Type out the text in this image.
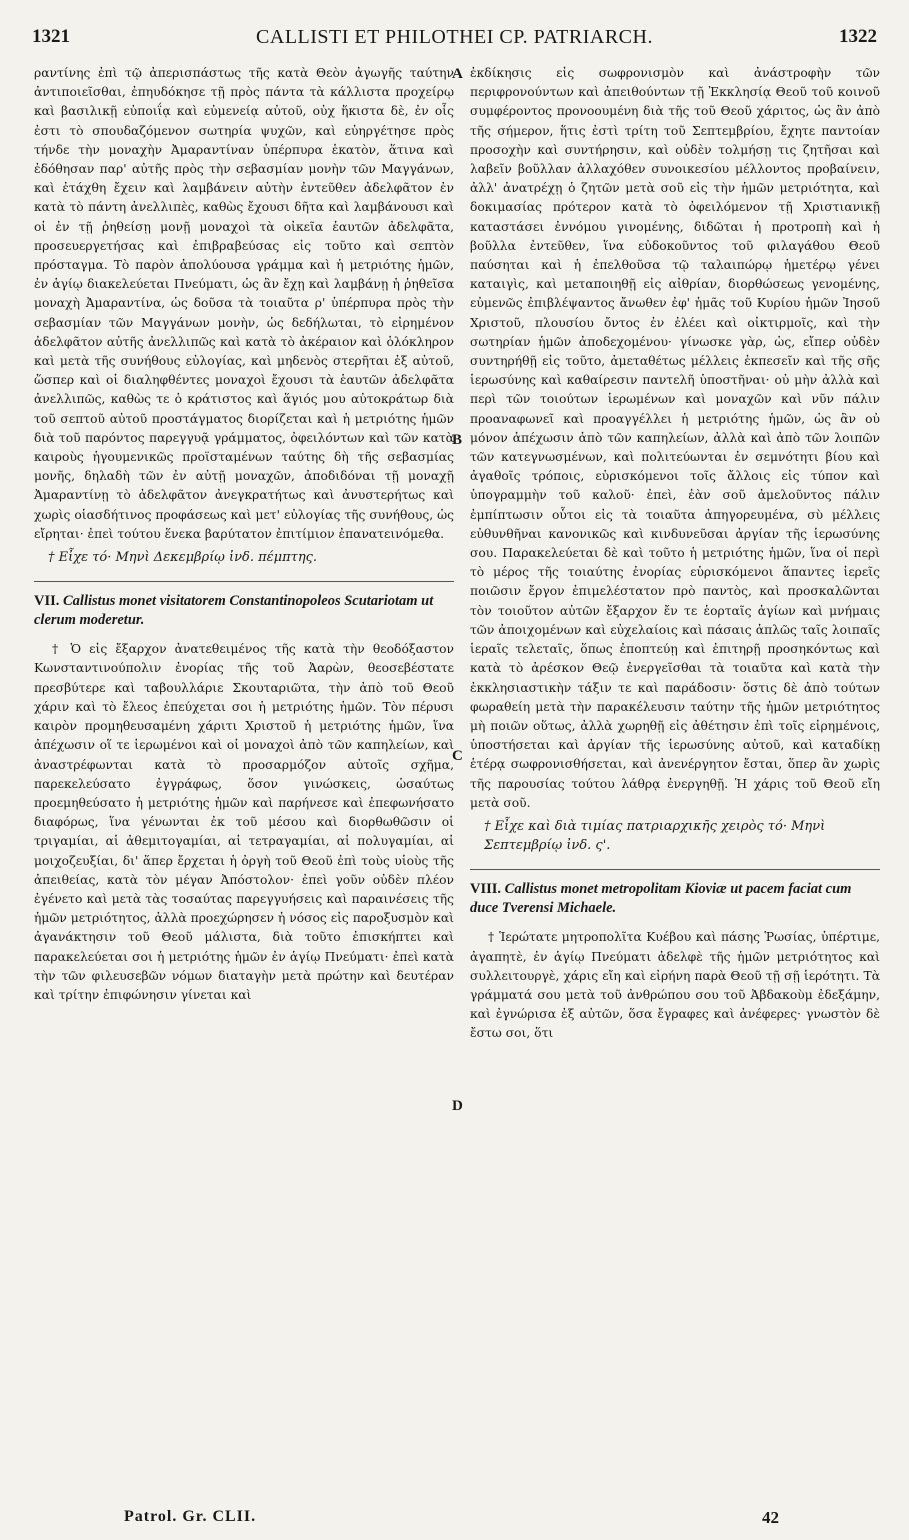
1321	CALLISTI ET PHILOTHEI CP. PATRIARCH.	1322

ραντίνης ἐπὶ τῷ ἀπερισπάστως τῆς κατὰ Θεὸν ἀγωγῆς ταύτην ἀντιποιεῖσθαι, ἐπηυδόκησε τῇ πρὸς πάντα τὰ κάλλιστα προχείρῳ καὶ βασιλικῇ εὐποιΐᾳ καὶ εὐμενείᾳ αὐτοῦ, οὐχ ἥκιστα δὲ, ἐν οἷς ἐστι τὸ σπουδαζόμενον σωτηρία ψυχῶν, καὶ εὐηργέτησε πρὸς τήνδε τὴν μοναχὴν Ἀμαραντίναν ὑπέρπυρα ἑκατὸν, ἅτινα καὶ ἐδόθησαν παρ' αὐτῆς πρὸς τὴν σεβασμίαν μονὴν τῶν Μαγγάνων, καὶ ἐτάχθη ἔχειν καὶ λαμβάνειν αὐτὴν ἐντεῦθεν ἀδελφᾶτον ἐν κατὰ τὸ πάντη ἀνελλιπὲς, καθὼς ἔχουσι δῆτα καὶ λαμβάνουσι καὶ οἱ ἐν τῇ ῥηθείσῃ μονῇ μοναχοὶ τὰ οἰκεῖα ἑαυτῶν ἀδελφᾶτα, προσευεργετήσας καὶ ἐπιβραβεύσας εἰς τοῦτο καὶ σεπτὸν πρόσταγμα. Τὸ παρὸν ἀπολύουσα γράμμα καὶ ἡ μετριότης ἡμῶν, ἐν ἁγίῳ διακελεύεται Πνεύματι, ὡς ἂν ἔχῃ καὶ λαμβάνῃ ἡ ῥηθεῖσα μοναχὴ Ἀμαραντίνα, ὡς δοῦσα τὰ τοιαῦτα ρ' ὑπέρπυρα πρὸς τὴν σεβασμίαν τῶν Μαγγάνων μονὴν, ὡς δεδήλωται, τὸ εἰρημένον ἀδελφᾶτον αὐτῆς ἀνελλιπῶς καὶ κατὰ τὸ ἀκέραιον καὶ ὁλόκληρον καὶ μετὰ τῆς συνήθους εὐλογίας, καὶ μηδενὸς στερῆται ἐξ αὐτοῦ, ὥσπερ καὶ οἱ διαληφθέντες μοναχοὶ ἔχουσι τὰ ἑαυτῶν ἀδελφᾶτα ἀνελλιπῶς, καθὼς τε ὁ κράτιστος καὶ ἅγιός μου αὐτοκράτωρ διὰ τοῦ σεπτοῦ αὐτοῦ προστάγματος διορίζεται καὶ ἡ μετριότης ἡμῶν διὰ τοῦ παρόντος παρεγγυᾷ γράμματος, ὀφειλόντων καὶ τῶν κατὰ καιροὺς ἡγουμενικῶς προϊσταμένων ταύτης δὴ τῆς σεβασμίας μονῆς, δηλαδὴ τῶν ἐν αὐτῇ μοναχῶν, ἀποδιδόναι τῇ μοναχῇ Ἀμαραντίνῃ τὸ ἀδελφᾶτον ἀνεγκρατήτως καὶ ἀνυστερήτως καὶ χωρὶς οἱασδήτινος προφάσεως καὶ μετ' εὐλογίας τῆς συνήθους, ὡς εἴρηται· ἐπεὶ τούτου ἕνεκα βαρύτατον ἐπιτίμιον ἐπανατεινόμεθα.

† Εἶχε τό· Μηνὶ Δεκεμβρίῳ ἰνδ. πέμπτης.

VII. Callistus monet visitatorem Constantinopoleos Scutariotam ut clerum moderetur.

† Ὁ εἰς ἔξαρχον ἀνατεθειμένος τῆς κατὰ τὴν θεοδόξαστον Κωνσταντινούπολιν ἐνορίας τῆς τοῦ Ἀαρὼν, θεοσεβέστατε πρεσβύτερε καὶ ταβουλλάριε Σκουταριῶτα, τὴν ἀπὸ τοῦ Θεοῦ χάριν καὶ τὸ ἔλεος ἐπεύχεται σοι ἡ μετριότης ἡμῶν. Τὸν πέρυσι καιρὸν προμηθευσαμένη χάριτι Χριστοῦ ἡ μετριότης ἡμῶν, ἵνα ἀπέχωσιν οἵ τε ἱερωμένοι καὶ οἱ μοναχοὶ ἀπὸ τῶν καπηλείων, καὶ ἀναστρέφωνται κατὰ τὸ προσαρμόζον αὐτοῖς σχῆμα, παρεκελεύσατο ἐγγράφως, ὅσον γινώσκεις, ὡσαύτως προεμηθεύσατο ἡ μετριότης ἡμῶν καὶ παρήνεσε καὶ ἐπεφωνήσατο διαφόρως, ἵνα γένωνται ἐκ τοῦ μέσου καὶ διορθωθῶσιν οἱ τριγαμίαι, αἱ ἀθεμιτογαμίαι, αἱ τετραγαμίαι, αἱ πολυγαμίαι, αἱ μοιχοζευξίαι, δι' ἅπερ ἔρχεται ἡ ὀργὴ τοῦ Θεοῦ ἐπὶ τοὺς υἱοὺς τῆς ἀπειθείας, κατὰ τὸν μέγαν Ἀπόστολον· ἐπεὶ γοῦν οὐδὲν πλέον ἐγένετο καὶ μετὰ τὰς τοσαύτας παρεγγυήσεις καὶ παραινέσεις τῆς ἡμῶν μετριότητος, ἀλλὰ προεχώρησεν ἡ νόσος εἰς παροξυσμὸν καὶ ἀγανάκτησιν τοῦ Θεοῦ μάλιστα, διὰ τοῦτο ἐπισκήπτει καὶ παρακελεύεται σοι ἡ μετριότης ἡμῶν ἐν ἁγίῳ Πνεύματι· ἐπεὶ κατὰ τὴν τῶν φιλευσεβῶν νόμων διαταγὴν μετὰ πρώτην καὶ δευτέραν καὶ τρίτην ἐπιφώνησιν γίνεται καὶ

ἐκδίκησις εἰς σωφρονισμὸν καὶ ἀνάστροφὴν τῶν περιφρονούντων καὶ ἀπειθούντων τῇ Ἐκκλησίᾳ Θεοῦ τοῦ κοινοῦ συμφέροντος προνοουμένη διὰ τῆς τοῦ Θεοῦ χάριτος, ὡς ἂν ἀπὸ τῆς σήμερον, ἥτις ἐστὶ τρίτη τοῦ Σεπτεμβρίου, ἔχητε παντοίαν προσοχὴν καὶ συντήρησιν, καὶ οὐδὲν τολμήσῃ τις ζητῆσαι καὶ λαβεῖν βοῦλλαν ἀλλαχόθεν συνοικεσίου μέλλοντος προβαίνειν, ἀλλ' ἀνατρέχῃ ὁ ζητῶν μετὰ σοῦ εἰς τὴν ἡμῶν μετριότητα, καὶ δοκιμασίας πρότερον κατὰ τὸ ὀφειλόμενον τῇ Χριστιανικῇ καταστάσει ἐννόμου γινομένης, διδῶται ἡ προτροπὴ καὶ ἡ βοῦλλα ἐντεῦθεν, ἵνα εὐδοκοῦντος τοῦ φιλαγάθου Θεοῦ παύσηται καὶ ἡ ἐπελθοῦσα τῷ ταλαιπώρῳ ἡμετέρῳ γένει καταιγὶς, καὶ μεταποιηθῇ εἰς αἰθρίαν, διορθώσεως γενομένης, εὐμενῶς ἐπιβλέψαντος ἄνωθεν ἐφ' ἡμᾶς τοῦ Κυρίου ἡμῶν Ἰησοῦ Χριστοῦ, πλουσίου ὄντος ἐν ἐλέει καὶ οἰκτιρμοῖς, καὶ τὴν σωτηρίαν ἡμῶν ἀποδεχομένου· γίνωσκε γὰρ, ὡς, εἴπερ οὐδὲν συντηρήθῇ εἰς τοῦτο, ἀμεταθέτως μέλλεις ἐκπεσεῖν καὶ τῆς σῆς ἱερωσύνης καὶ καθαίρεσιν παντελῆ ὑποστῆναι· οὐ μὴν ἀλλὰ καὶ περὶ τῶν τοιούτων ἱερωμένων καὶ μοναχῶν καὶ νῦν πάλιν προαναφωνεῖ καὶ προαγγέλλει ἡ μετριότης ἡμῶν, ὡς ἂν οὐ μόνον ἀπέχωσιν ἀπὸ τῶν καπηλείων, ἀλλὰ καὶ ἀπὸ τῶν λοιπῶν τῶν κατεγνωσμένων, καὶ πολιτεύωνται ἐν σεμνότητι βίου καὶ ἀγαθοῖς τρόποις, εὑρισκόμενοι τοῖς ἄλλοις εἰς τύπον καὶ ὑπογραμμὴν τοῦ καλοῦ· ἐπεὶ, ἐὰν σοῦ ἀμελοῦντος πάλιν ἐμπίπτωσιν οὗτοι εἰς τὰ τοιαῦτα ἀπηγορευμένα, σὺ μέλλεις εὐθυνθῆναι κανονικῶς καὶ κινδυνεῦσαι ἀργίαν τῆς ἱερωσύνης σου. Παρακελεύεται δὲ καὶ τοῦτο ἡ μετριότης ἡμῶν, ἵνα οἱ περὶ τὸ μέρος τῆς τοιαύτης ἐνορίας εὑρισκόμενοι ἅπαντες ἱερεῖς ποιῶσιν ἔργον ἐπιμελέστατον πρὸ παντὸς, καὶ προσκαλῶνται τὸν τοιοῦτον αὐτῶν ἔξαρχον ἔν τε ἑορταῖς ἁγίων καὶ μνήμαις τῶν ἀποιχομένων καὶ εὐχελαίοις καὶ πάσαις ἁπλῶς ταῖς λοιπαῖς ἱεραῖς τελεταῖς, ὅπως ἐποπτεύῃ καὶ ἐπιτηρῇ προσηκόντως καὶ κατὰ τὸ ἀρέσκον Θεῷ ἐνεργεῖσθαι τὰ τοιαῦτα καὶ κατὰ τὴν ἐκκλησιαστικὴν τάξιν τε καὶ παράδοσιν· ὅστις δὲ ἀπὸ τούτων φωραθείη μετὰ τὴν παρακέλευσιν ταύτην τῆς ἡμῶν μετριότητος μὴ ποιῶν οὕτως, ἀλλὰ χωρηθῇ εἰς ἀθέτησιν ἐπὶ τοῖς εἰρημένοις, ὑποστήσεται καὶ ἀργίαν τῆς ἱερωσύνης αὐτοῦ, καὶ καταδίκῃ ἑτέρᾳ σωφρονισθήσεται, καὶ ἀνενέργητον ἔσται, ὅπερ ἂν χωρὶς τῆς παρουσίας τούτου λάθρᾳ ἐνεργηθῇ. Ἡ χάρις τοῦ Θεοῦ εἴη μετὰ σοῦ.

† Εἶχε καὶ διὰ τιμίας πατριαρχικῆς χειρὸς τό· Μηνὶ Σεπτεμβρίῳ ἰνδ. ς'.

VIII. Callistus monet metropolitam Kioviæ ut pacem faciat cum duce Tverensi Michaele.

† Ἱερώτατε μητροπολῖτα Κυέβου καὶ πάσης Ῥωσίας, ὑπέρτιμε, ἀγαπητὲ, ἐν ἁγίῳ Πνεύματι ἀδελφὲ τῆς ἡμῶν μετριότητος καὶ συλλειτουργὲ, χάρις εἴη καὶ εἰρήνη παρὰ Θεοῦ τῇ σῇ ἱερότητι. Τὰ γράμματά σου μετὰ τοῦ ἀνθρώπου σου τοῦ Ἀβδακοὺμ ἐδεξάμην, καὶ ἐγνώρισα ἐξ αὐτῶν, ὅσα ἔγραφες καὶ ἀνέφερες· γνωστὸν δὲ ἔστω σοι, ὅτι

A
B
C
D
Patrol. Gr. CLII.	42
